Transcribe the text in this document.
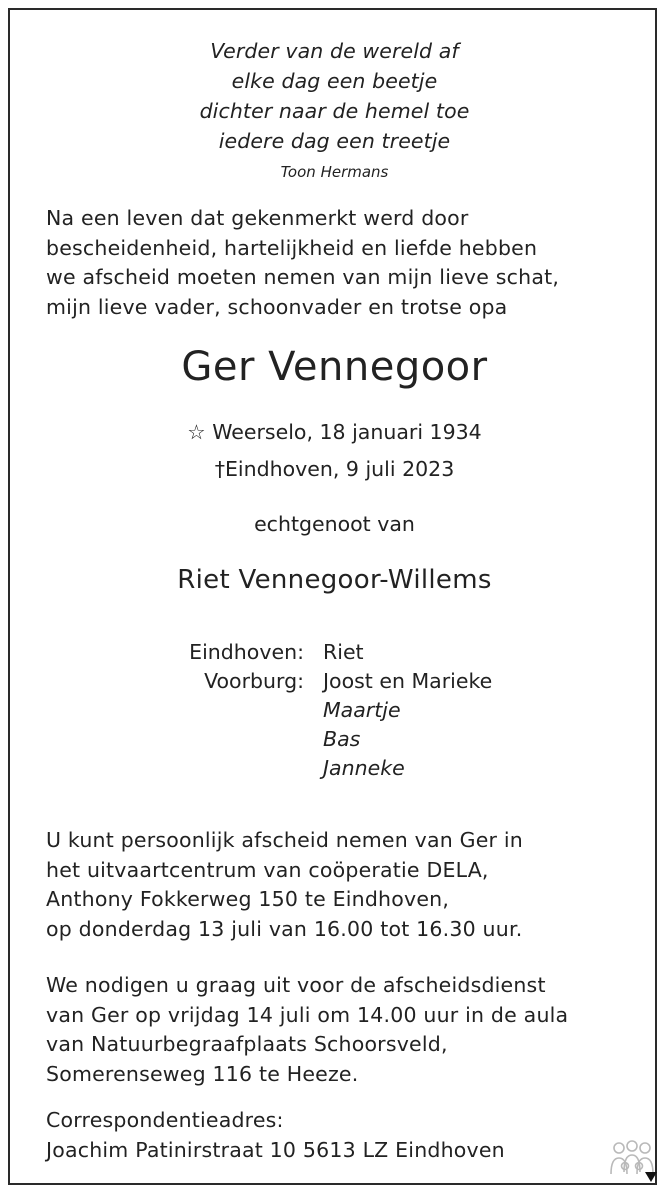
Verder van de wereld af
elke dag een beetje
dichter naar de hemel toe
iedere dag een treetje
Toon Hermans
Na een leven dat gekenmerkt werd door
bescheidenheid, hartelijkheid en liefde hebben
we afscheid moeten nemen van mijn lieve schat,
mijn lieve vader, schoonvader en trotse opa
Ger Vennegoor
☆ Weerselo, 18 januari 1934
†Eindhoven, 9 juli 2023
echtgenoot van
Riet Vennegoor-Willems
Eindhoven: Riet
Voorburg: Joost en Marieke
Maartje
Bas
Janneke
U kunt persoonlijk afscheid nemen van Ger in
het uitvaartcentrum van coöperatie DELA,
Anthony Fokkerweg 150 te Eindhoven,
op donderdag 13 juli van 16.00 tot 16.30 uur.
We nodigen u graag uit voor de afscheidsdienst
van Ger op vrijdag 14 juli om 14.00 uur in de aula
van Natuurbegraafplaats Schoorsveld,
Somerenseweg 116 te Heeze.
Correspondentieadres:
Joachim Patinirstraat 10 5613 LZ Eindhoven
